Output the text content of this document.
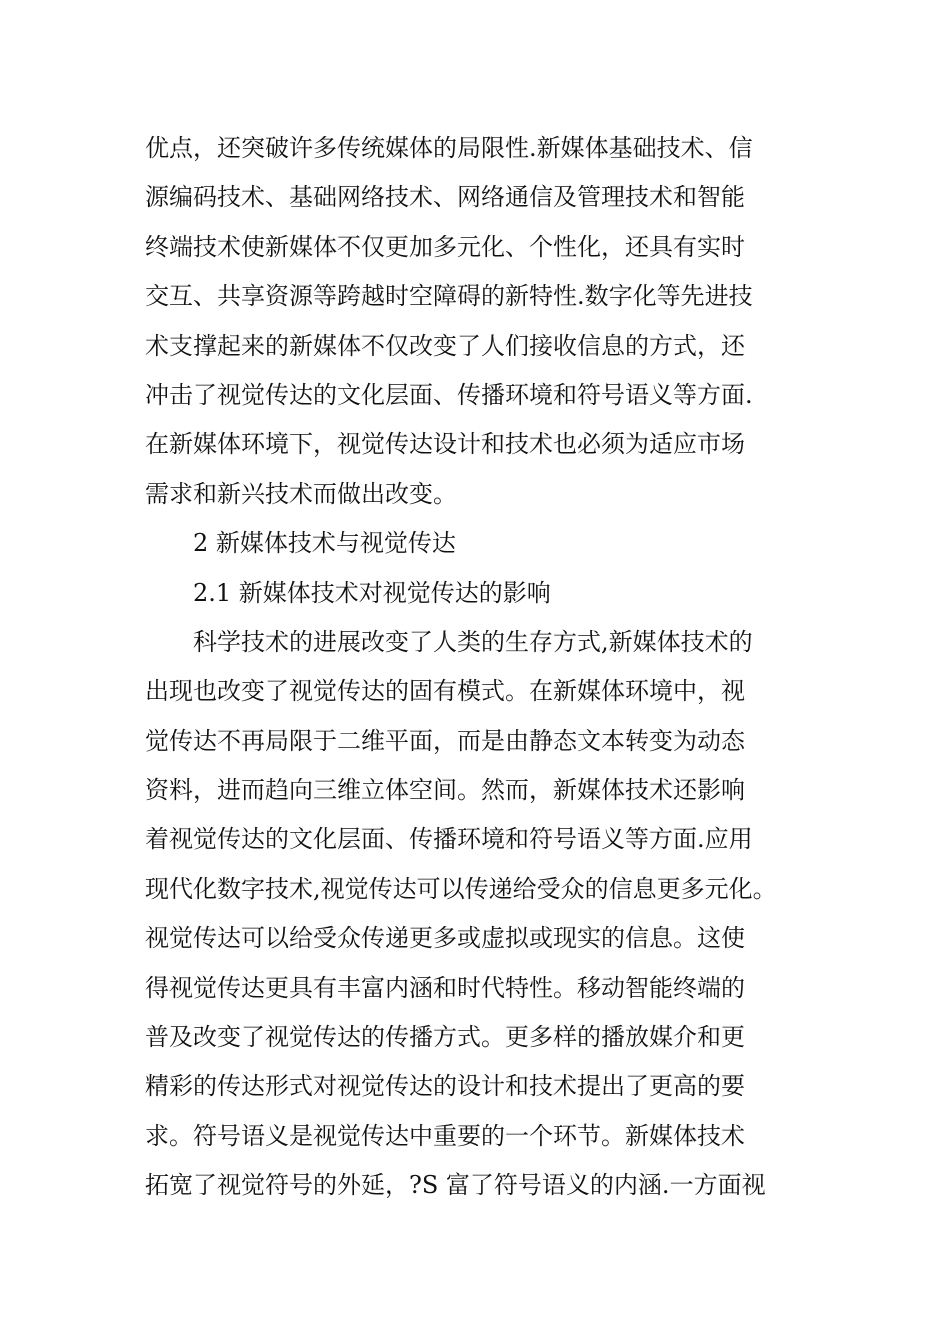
优点，还突破许多传统媒体的局限性.新媒体基础技术、信
源编码技术、基础网络技术、网络通信及管理技术和智能
终端技术使新媒体不仅更加多元化、个性化，还具有实时
交互、共享资源等跨越时空障碍的新特性.数字化等先进技
术支撑起来的新媒体不仅改变了人们接收信息的方式，还
冲击了视觉传达的文化层面、传播环境和符号语义等方面.
在新媒体环境下，视觉传达设计和技术也必须为适应市场
需求和新兴技术而做出改变。
2 新媒体技术与视觉传达
2.1 新媒体技术对视觉传达的影响
科学技术的进展改变了人类的生存方式,新媒体技术的
出现也改变了视觉传达的固有模式。在新媒体环境中，视
觉传达不再局限于二维平面，而是由静态文本转变为动态
资料，进而趋向三维立体空间。然而，新媒体技术还影响
着视觉传达的文化层面、传播环境和符号语义等方面.应用
现代化数字技术,视觉传达可以传递给受众的信息更多元化。
视觉传达可以给受众传递更多或虚拟或现实的信息。这使
得视觉传达更具有丰富内涵和时代特性。移动智能终端的
普及改变了视觉传达的传播方式。更多样的播放媒介和更
精彩的传达形式对视觉传达的设计和技术提出了更高的要
求。符号语义是视觉传达中重要的一个环节。新媒体技术
拓宽了视觉符号的外延，?S 富了符号语义的内涵.一方面视
